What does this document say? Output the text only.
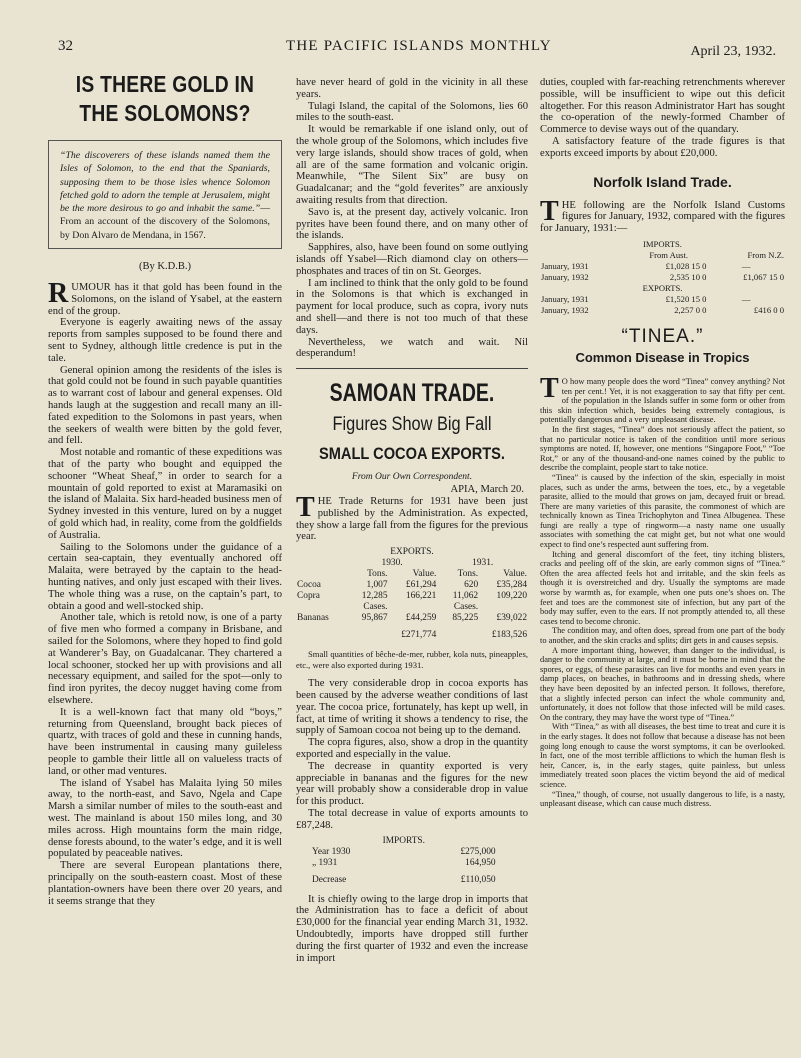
32	THE PACIFIC ISLANDS MONTHLY	April 23, 1932.
IS THERE GOLD IN THE SOLOMONS?
“The discoverers of these islands named them the Isles of Solomon, to the end that the Spaniards, supposing them to be those isles whence Solomon fetched gold to adorn the temple at Jerusalem, might be the more desirous to go and inhabit the same.”—From an account of the discovery of the Solomons, by Don Alvaro de Mendana, in 1567.
(By K.D.B.)

RUMOUR has it that gold has been found in the Solomons, on the island of Ysabel, at the eastern end of the group.

Everyone is eagerly awaiting news of the assay reports from samples supposed to be found there and sent to Sydney, although little credence is put in the tale.

General opinion among the residents of the isles is that gold could not be found in such payable quantities as to warrant cost of labour and general expenses. Old hands laugh at the suggestion and recall many an ill-fated expedition to the Solomons in past years, when the seekers of wealth were bitten by the gold fever, and fell.

Most notable and romantic of these expeditions was that of the party who bought and equipped the schooner “Wheat Sheaf,” in order to search for a mountain of gold reported to exist at Maramasiki on the island of Malaita. Six hard-headed business men of Sydney invested in this venture, lured on by a nugget of gold which had, in reality, come from the goldfields of Australia.

Sailing to the Solomons under the guidance of a certain sea-captain, they eventually anchored off Malaita, were betrayed by the captain to the head-hunting natives, and only just escaped with their lives. The whole thing was a ruse, on the captain’s part, to obtain a good and well-stocked ship.

Another tale, which is retold now, is one of a party of five men who formed a company in Brisbane, and sailed for the Solomons, where they hoped to find gold at Wanderer’s Bay, on Guadalcanar. They chartered a local schooner, stocked her up with provisions and all necessary equipment, and sailed for the spot—only to find iron pyrites, the decoy nugget having come from elsewhere.

It is a well-known fact that many old “boys,” returning from Queensland, brought back pieces of quartz, with traces of gold and these in cunning hands, have been instrumental in causing many guileless people to gamble their little all on valueless tracts of land, or other mad ventures.

The island of Ysabel has Malaita lying 50 miles away, to the north-east, and Savo, Ngela and Cape Marsh a similar number of miles to the south-east and west. The mainland is about 150 miles long, and 30 miles across. High mountains form the main ridge, dense forests abound, to the water’s edge, and it is well populated by peaceable natives.

There are several European plantations there, principally on the south-eastern coast. Most of these plantation-owners have been there over 20 years, and it seems strange that they

have never heard of gold in the vicinity in all these years.

Tulagi Island, the capital of the Solomons, lies 60 miles to the south-east.

It would be remarkable if one island only, out of the whole group of the Solomons, which includes five very large islands, should show traces of gold, when all are of the same formation and volcanic origin. Meanwhile, “The Silent Six” are busy on Guadalcanar; and the “gold feverites” are anxiously awaiting results from that direction.

Savo is, at the present day, actively volcanic. Iron pyrites have been found there, and on many other of the islands.

Sapphires, also, have been found on some outlying islands off Ysabel—Rich diamond clay on others—phosphates and traces of tin on St. Georges.

I am inclined to think that the only gold to be found in the Solomons is that which is exchanged in payment for local produce, such as copra, ivory nuts and shell—and there is not too much of that these days.

Nevertheless, we watch and wait. Nil desperandum!

SAMOAN TRADE.
Figures Show Big Fall
SMALL COCOA EXPORTS.
From Our Own Correspondent.
APIA, March 20.

THE Trade Returns for 1931 have been just published by the Administration. As expected, they show a large fall from the figures for the previous year.

EXPORTS.				
	1930.		1931.	
	Tons.	Value.	Tons.	Value.
Cocoa	1,007	£61,294	620	£35,284
Copra	12,285	166,221	11,062	109,220
	Cases.		Cases.	
Bananas	95,867	£44,259	85,225	£39,022
	£271,774		£183,526	

Small quantities of bêche-de-mer, rubber, kola nuts, pineapples, etc., were also exported during 1931.

The very considerable drop in cocoa exports has been caused by the adverse weather conditions of last year. The cocoa price, fortunately, has kept up well, in fact, at time of writing it shows a tendency to rise, the supply of Samoan cocoa not being up to the demand.

The copra figures, also, show a drop in the quantity exported and especially in the value.

The decrease in quantity exported is very appreciable in bananas and the figures for the new year will probably show a considerable drop in value for this product.

The total decrease in value of exports amounts to £87,248.

IMPORTS.	
Year 1930	£275,000
„ 1931	164,950
Decrease	£110,050

It is chiefly owing to the large drop in imports that the Administration has to face a deficit of about £30,000 for the financial year ending March 31, 1932. Undoubtedly, imports have dropped still further during the first quarter of 1932 and even the increase in import

duties, coupled with far-reaching retrenchments wherever possible, will be insufficient to wipe out this deficit altogether. For this reason Administrator Hart has sought the co-operation of the newly-formed Chamber of Commerce to devise ways out of the quandary.

A satisfactory feature of the trade figures is that exports exceed imports by about £20,000.

Norfolk Island Trade.

THE following are the Norfolk Island Customs figures for January, 1932, compared with the figures for January, 1931:—

IMPORTS.		
	From Aust.	From N.Z.
January, 1931	£1,028 15 0	—
January, 1932	2,535 10 0	£1,067 15 0
EXPORTS.		
January, 1931	£1,520 15 0	—
January, 1932	2,257 0 0	£416 0 0
“TINEA.”
Common Disease in Tropics

T O how many people does the word “Tinea” convey anything? Not ten per cent.! Yet, it is not exaggeration to say that fifty per cent. of the population in the Islands suffer in some form or other from this skin infection which, besides being extremely contagious, is potentially dangerous and a very unpleasant disease.

In the first stages, “Tinea” does not seriously affect the patient, so that no particular notice is taken of the condition until more serious symptoms are noted. If, however, one mentions “Singapore Foot,” “Toe Rot,” or any of the thousand-and-one names coined by the public to describe the complaint, people start to take notice.

“Tinea” is caused by the infection of the skin, especially in moist places, such as under the arms, between the toes, etc., by a vegetable parasite, allied to the mould that grows on jam, decayed fruit or bread. There are many varieties of this parasite, the commonest of which are technically known as Tinea Trichophyton and Tinea Albugenea. These fungi are really a type of ringworm—a nasty name one usually associates with something the cat might get, but not what one would expect to find one’s respected aunt suffering from.

Itching and general discomfort of the feet, tiny itching blisters, cracks and peeling off of the skin, are early common signs of “Tinea.” Often the area affected feels hot and irritable, and the skin feels as though it is overstretched and dry. Usually the symptoms are made worse by warmth as, for example, when one puts one’s shoes on. The feet and toes are the commonest site of infection, but any part of the body may suffer, even to the ears. If not promptly attended to, all these cases tend to become chronic.

The condition may, and often does, spread from one part of the body to another, and the skin cracks and splits; dirt gets in and causes sepsis.

A more important thing, however, than danger to the individual, is danger to the community at large, and it must be borne in mind that the spores, or eggs, of these parasites can live for months and even years in damp places, on beaches, in bathrooms and in dressing sheds, where they have been deposited by an infected person. It follows, therefore, that a slightly infected person can infect the whole community and, unfortunately, it does not follow that those infected will be mild cases. On the contrary, they may have the worst type of “Tinea.”

With “Tinea,” as with all diseases, the best time to treat and cure it is in the early stages. It does not follow that because a disease has not been going long enough to cause the worst symptoms, it can be overlooked. In fact, one of the most terrible afflictions to which the human flesh is heir, Cancer, is, in the early stages, quite painless, but unless immediately treated soon places the victim beyond the aid of medical science.

“Tinea,” though, of course, not usually dangerous to life, is a nasty, unpleasant disease, which can cause much distress.
